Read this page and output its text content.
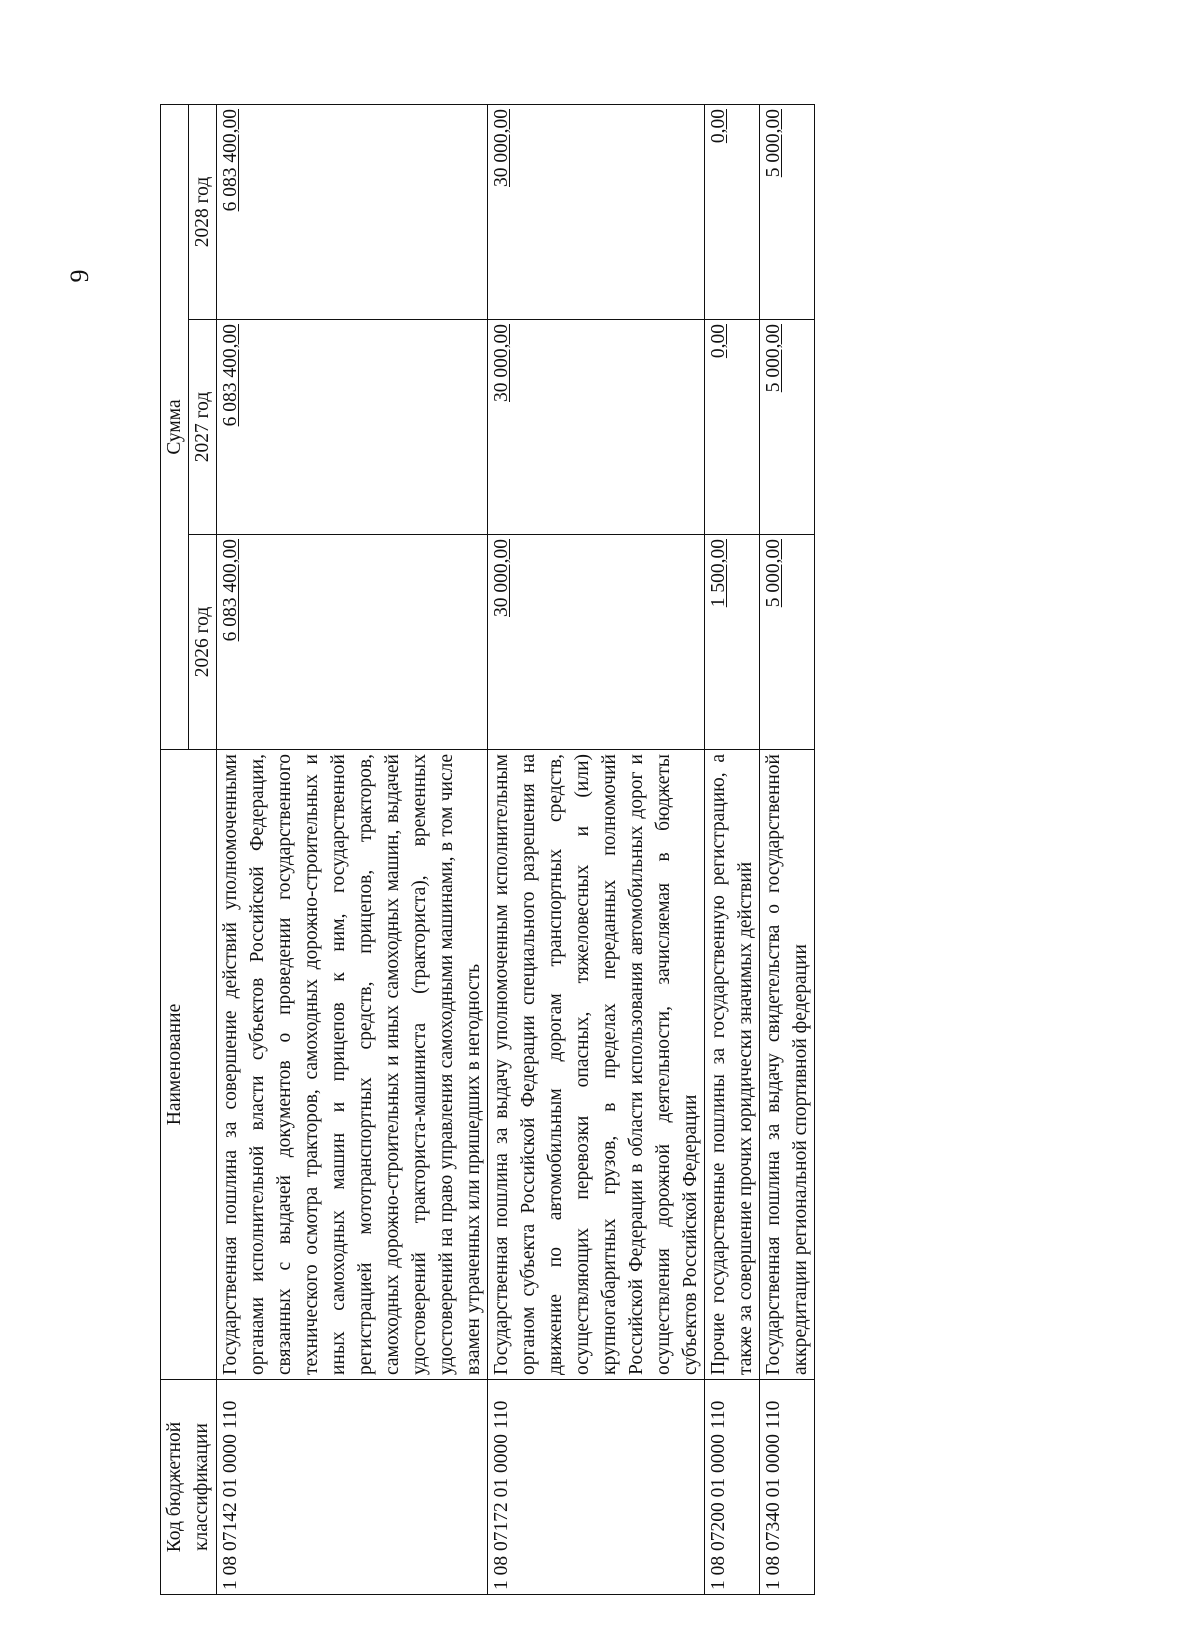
9
Код бюджетной классификации	Наименование	Сумма		
		2026 год	2027 год	2028 год
1 08 07142 01 0000 110	Государственная пошлина за совершение действий уполномоченными органами исполнительной власти субъектов Российской Федерации, связанных с выдачей документов о проведении государственного технического осмотра тракторов, самоходных дорожно-строительных и иных самоходных машин и прицепов к ним, государственной регистрацией мототранспортных средств, прицепов, тракторов, самоходных дорожно-строительных и иных самоходных машин, выдачей удостоверений тракториста-машиниста (тракториста), временных удостоверений на право управления самоходными машинами, в том числе взамен утраченных или пришедших в негодность	6 083 400,00	6 083 400,00	6 083 400,00
1 08 07172 01 0000 110	Государственная пошлина за выдачу уполномоченным исполнительным органом субъекта Российской Федерации специального разрешения на движение по автомобильным дорогам транспортных средств, осуществляющих перевозки опасных, тяжеловесных и (или) крупногабаритных грузов, в пределах переданных полномочий Российской Федерации в области использования автомобильных дорог и осуществления дорожной деятельности, зачисляемая в бюджеты субъектов Российской Федерации	30 000,00	30 000,00	30 000,00
1 08 07200 01 0000 110	Прочие государственные пошлины за государственную регистрацию, а также за совершение прочих юридически значимых действий	1 500,00	0,00	0,00
1 08 07340 01 0000 110	Государственная пошлина за выдачу свидетельства о государственной аккредитации региональной спортивной федерации	5 000,00	5 000,00	5 000,00
